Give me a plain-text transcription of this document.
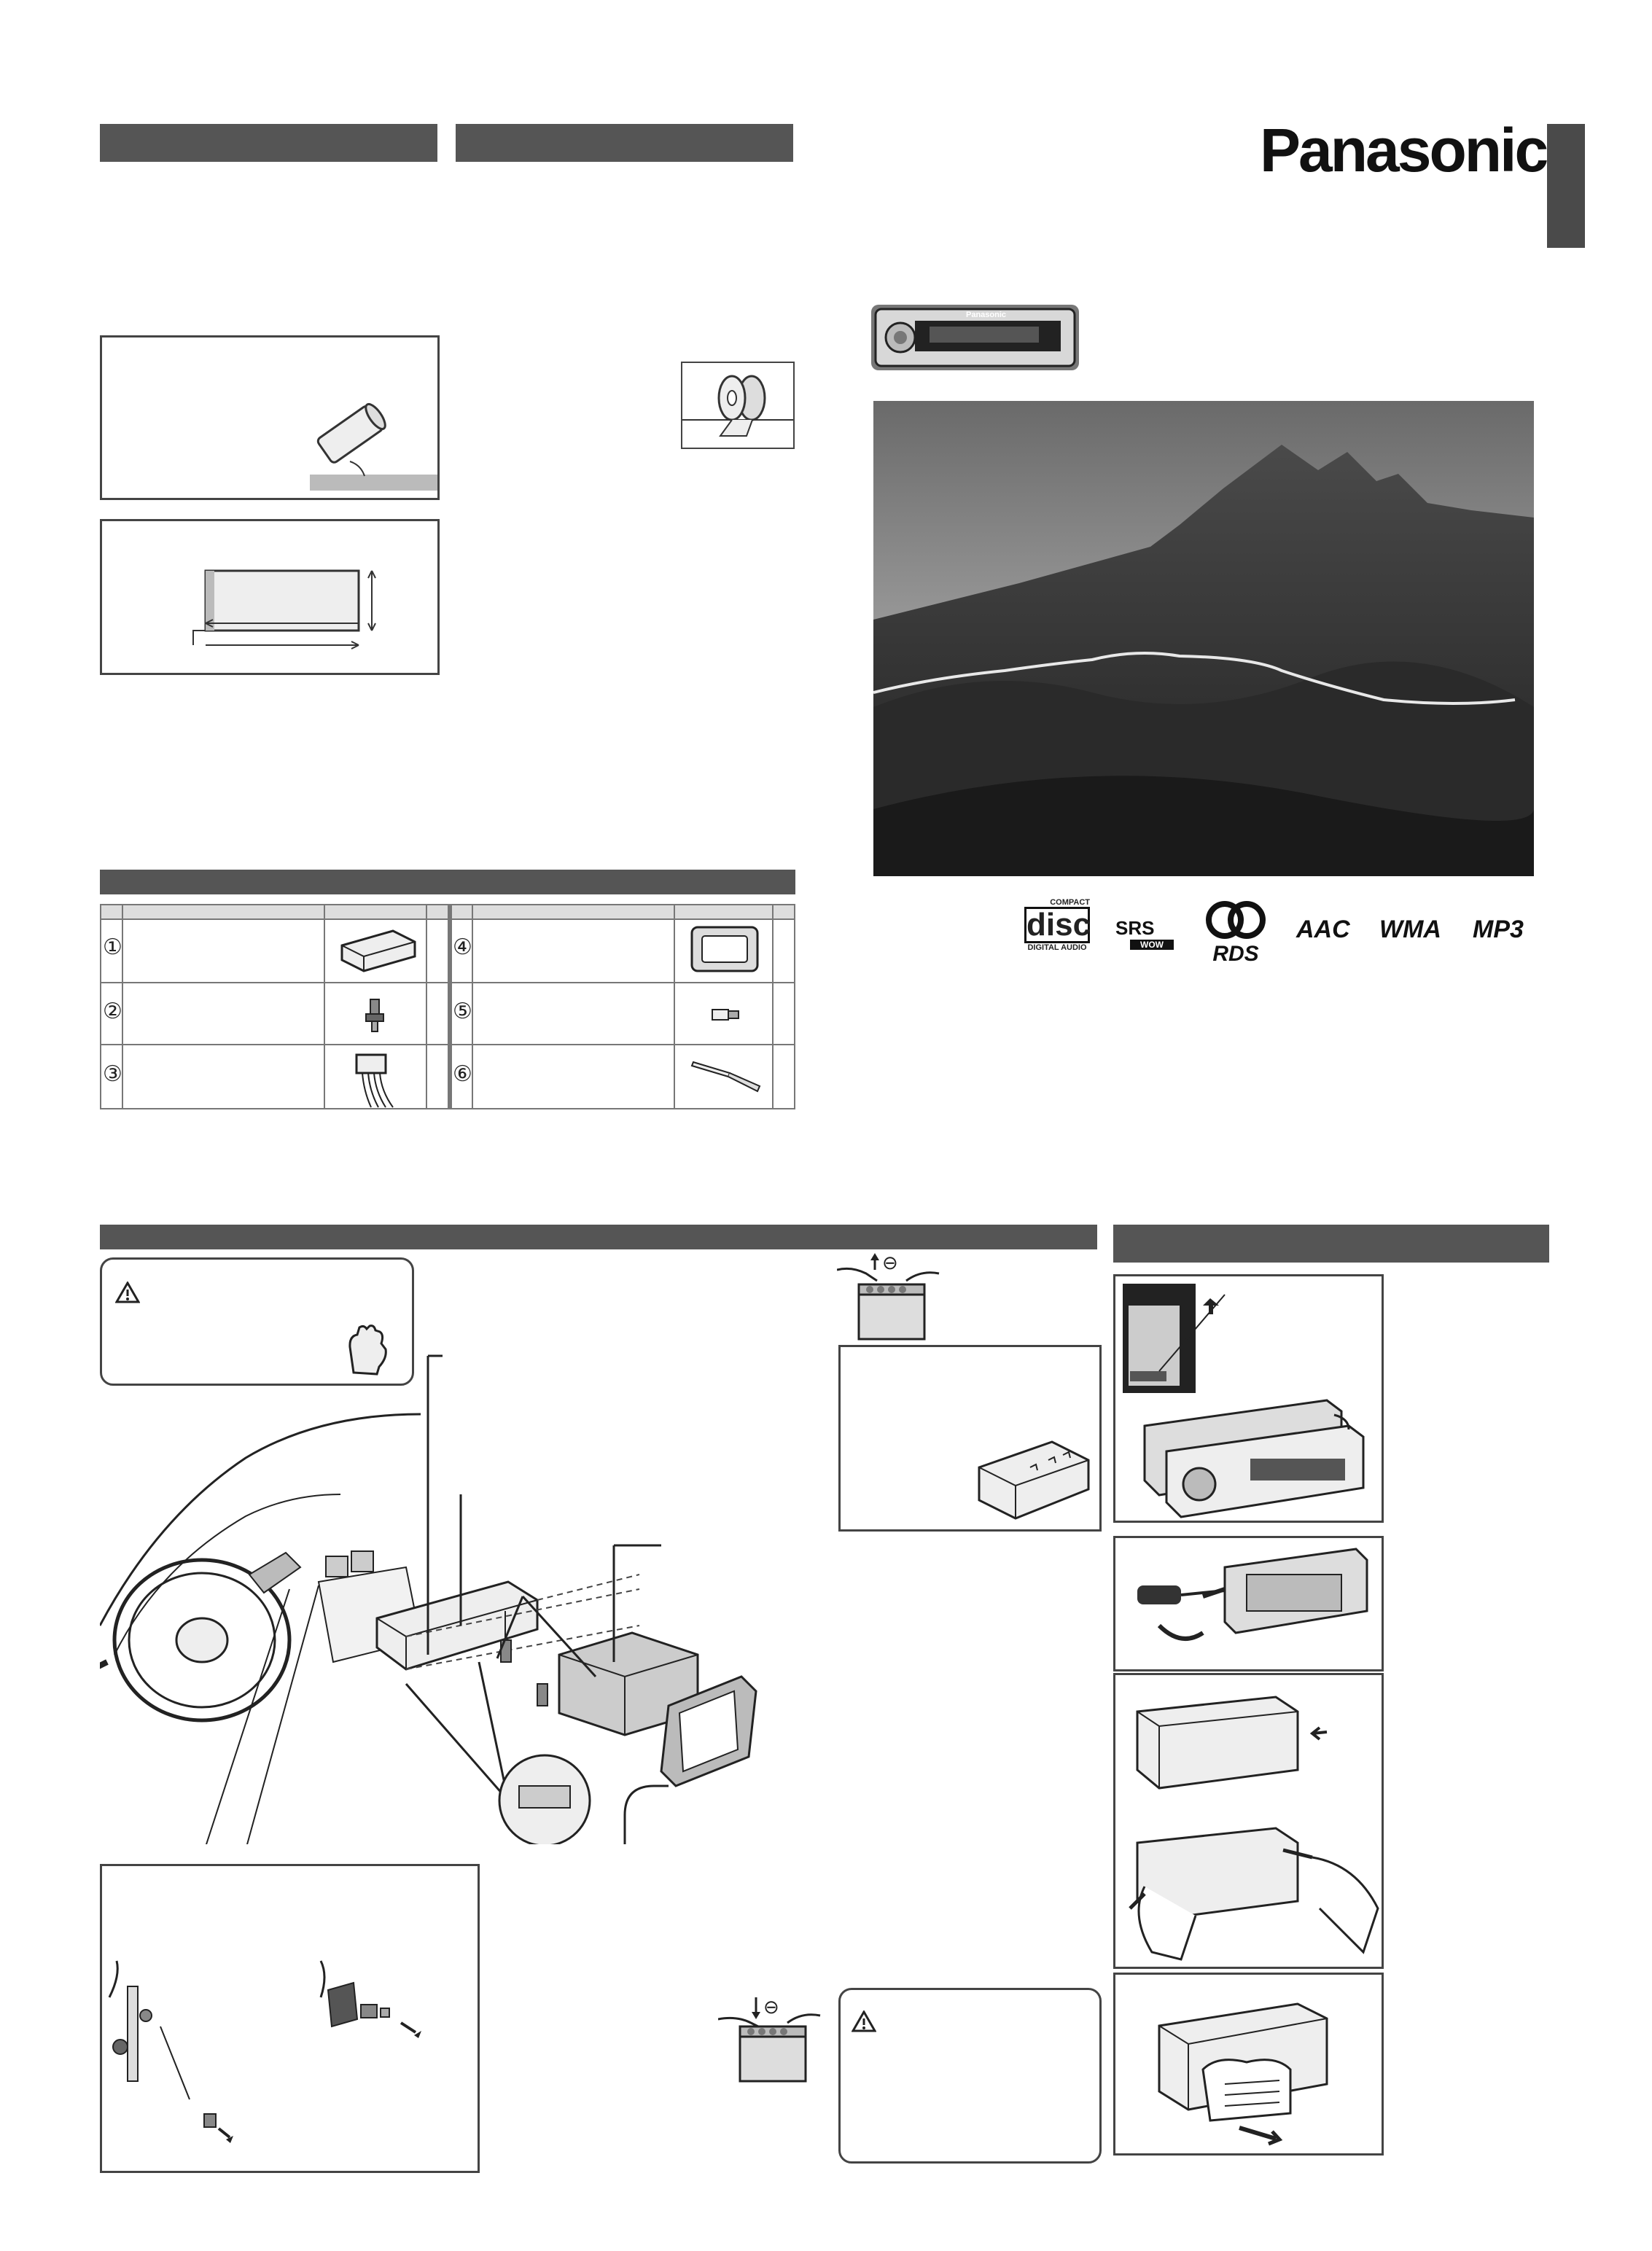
Panasonic
Panasonic
COMPACT
disc
DIGITAL AUDIO
SRS
WOW	RDS
AAC WMA MP3
①
②
③
④
⑤
⑥
⊖
⊖
